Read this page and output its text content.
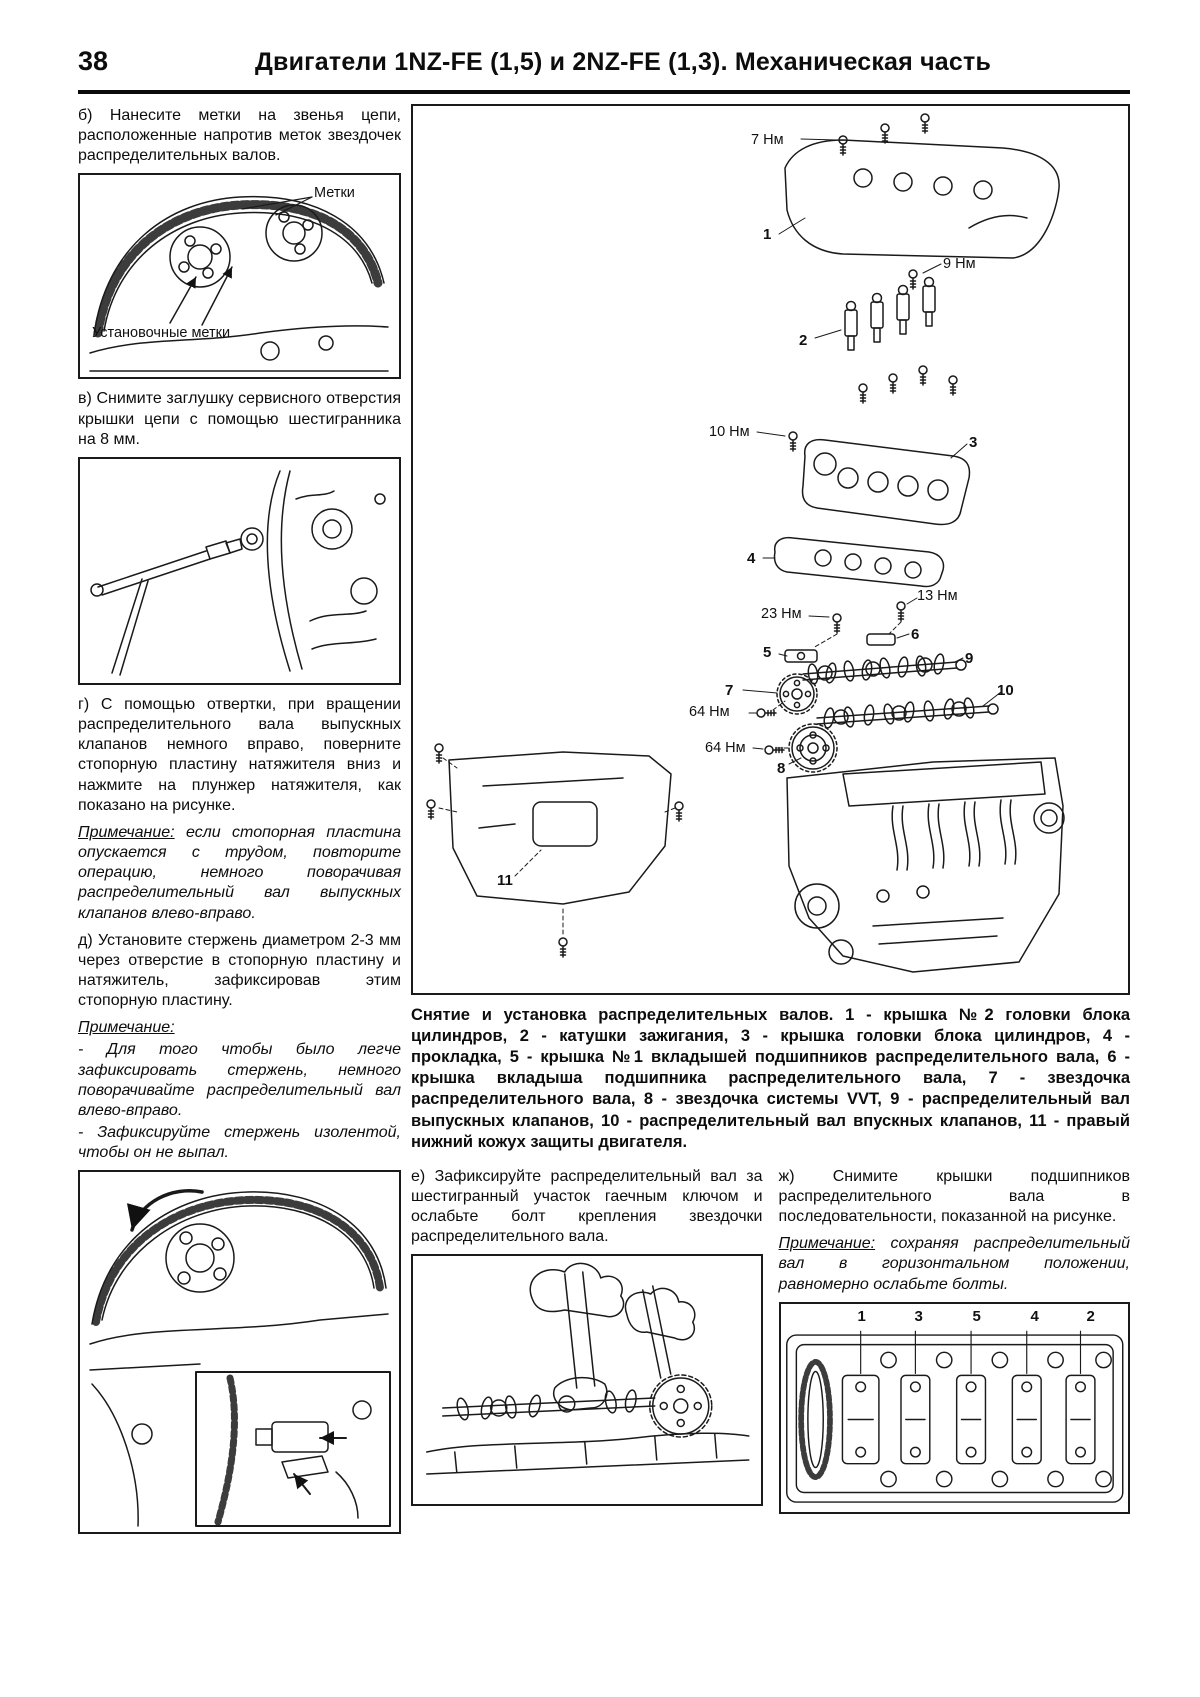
38	Двигатели 1NZ-FE (1,5) и 2NZ-FE (1,3). Механическая часть

б) Нанесите метки на звенья цепи, расположенные напротив меток звездочек распределительных валов.

Метки
Установочные метки

в) Снимите заглушку сервисного отверстия крышки цепи с помощью шестигранника на 8 мм.

г) С помощью отвертки, при вращении распределительного вала выпускных клапанов немного вправо, поверните стопорную пластину натяжителя вниз и нажмите на плунжер натяжителя, как показано на рисунке.

Примечание: если стопорная пластина опускается с трудом, повторите операцию, немного поворачивая распределительный вал выпускных клапанов влево-вправо.

д) Установите стержень диаметром 2-3 мм через отверстие в стопорную пластину и натяжитель, зафиксировав этим стопорную пластину.

Примечание:

- Для того чтобы было легче зафиксировать стержень, немного поворачивайте распределительный вал влево-вправо.

- Зафиксируйте стержень изолентой, чтобы он не выпал.

7 Нм
9 Нм
10 Нм
23 Нм
13 Нм
64 Нм
64 Нм
1
2
3
4
5
6
7
8
9
10
11

Снятие и установка распределительных валов. 1 - крышка №2 головки блока цилиндров, 2 - катушки зажигания, 3 - крышка головки блока цилиндров, 4 - прокладка, 5 - крышка №1 вкладышей подшипников распределительного вала, 6 - крышка вкладыша подшипника распределительного вала, 7 - звездочка распределительного вала, 8 - звездочка системы VVT, 9 - распределительный вал выпускных клапанов, 10 - распределительный вал впускных клапанов, 11 - правый нижний кожух защиты двигателя.

е) Зафиксируйте распределительный вал за шестигранный участок гаечным ключом и ослабьте болт крепления звездочки распределительного вала.

ж) Снимите крышки подшипников распределительного вала в последовательности, показанной на рисунке.

Примечание: сохраняя распределительный вал в горизонтальном положении, равномерно ослабьте болты.

1	3	5	4	2
